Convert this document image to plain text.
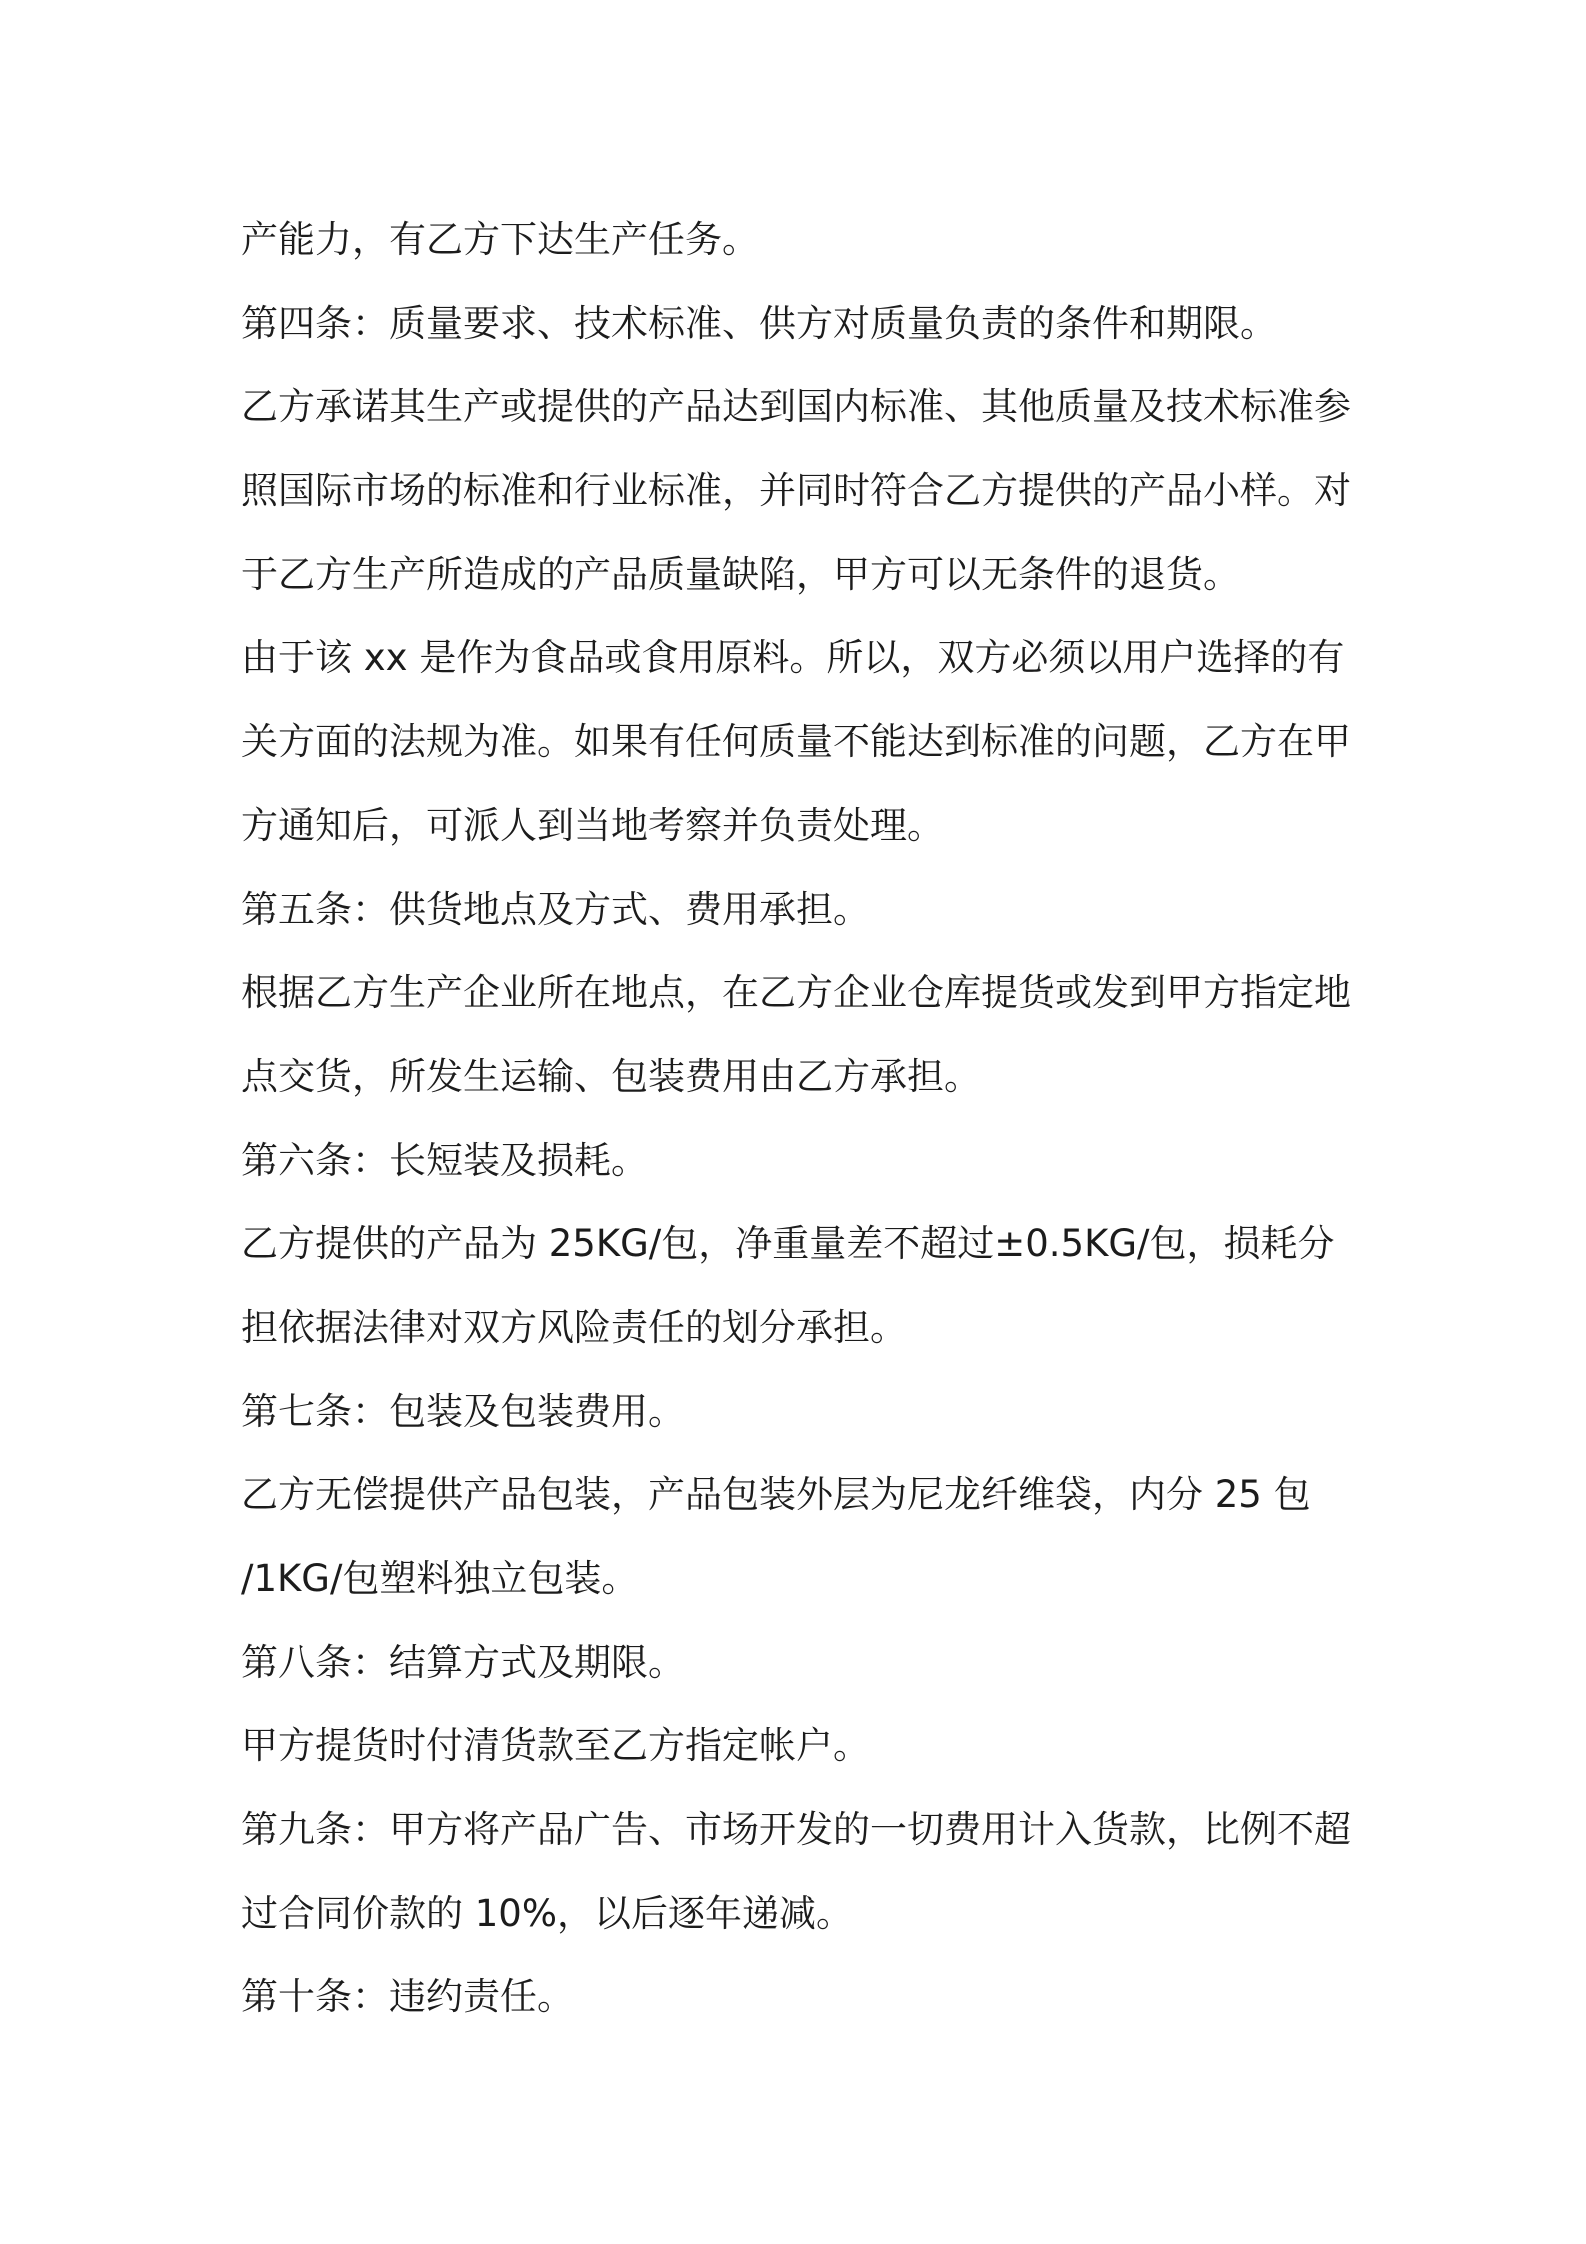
产能力，有乙方下达生产任务。
第四条：质量要求、技术标准、供方对质量负责的条件和期限。
乙方承诺其生产或提供的产品达到国内标准、其他质量及技术标准参
照国际市场的标准和行业标准，并同时符合乙方提供的产品小样。对
于乙方生产所造成的产品质量缺陷，甲方可以无条件的退货。
由于该 xx 是作为食品或食用原料。所以，双方必须以用户选择的有
关方面的法规为准。如果有任何质量不能达到标准的问题，乙方在甲
方通知后，可派人到当地考察并负责处理。
第五条：供货地点及方式、费用承担。
根据乙方生产企业所在地点，在乙方企业仓库提货或发到甲方指定地
点交货，所发生运输、包装费用由乙方承担。
第六条：长短装及损耗。
乙方提供的产品为 25KG/包，净重量差不超过±0.5KG/包，损耗分
担依据法律对双方风险责任的划分承担。
第七条：包装及包装费用。
乙方无偿提供产品包装，产品包装外层为尼龙纤维袋，内分 25 包
/1KG/包塑料独立包装。
第八条：结算方式及期限。
甲方提货时付清货款至乙方指定帐户。
第九条：甲方将产品广告、市场开发的一切费用计入货款，比例不超
过合同价款的 10%，以后逐年递减。
第十条：违约责任。
